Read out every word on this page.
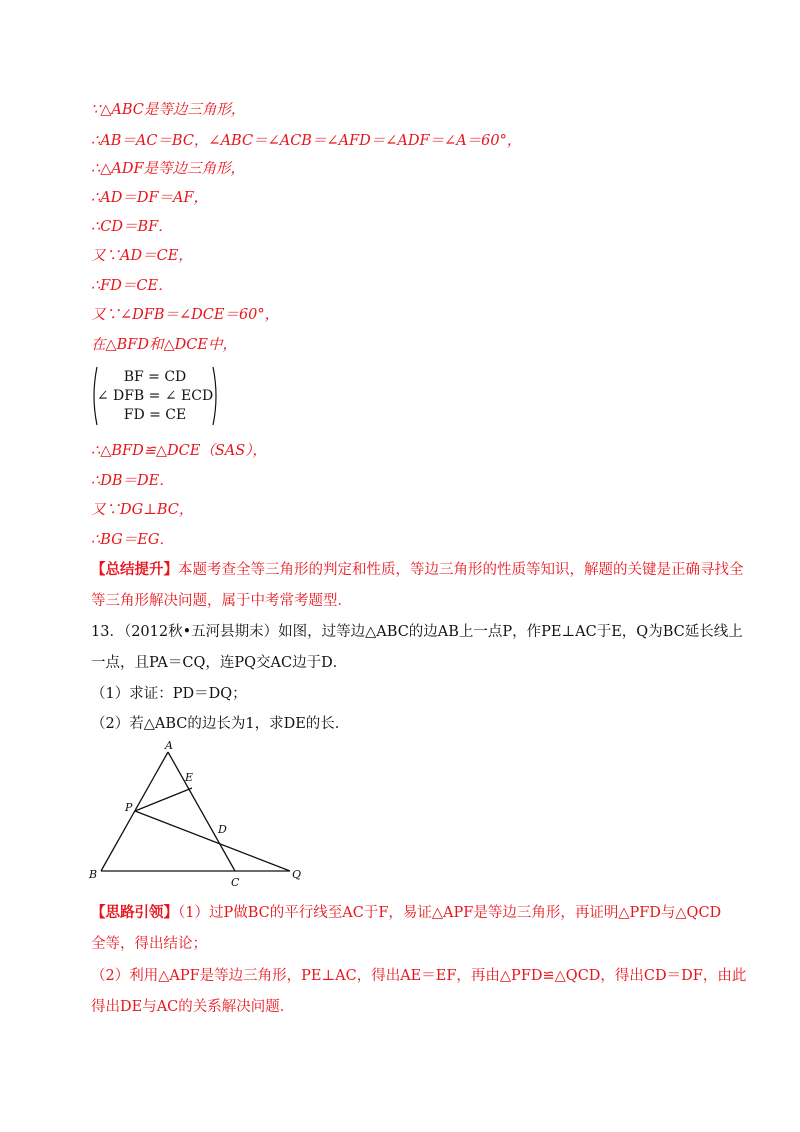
∵△ABC是等边三角形，
∴AB＝AC＝BC，∠ABC＝∠ACB＝∠AFD＝∠ADF＝∠A＝60°，
∴△ADF是等边三角形，
∴AD＝DF＝AF，
∴CD＝BF．
又∵AD＝CE，
∴FD＝CE．
又∵∠DFB＝∠DCE＝60°，
在△BFD和△DCE中，
BF = CD
∠ DFB = ∠ ECD
FD = CE
∴△BFD≌△DCE（SAS），
∴DB＝DE．
又∵DG⊥BC，
∴BG＝EG．
【总结提升】本题考查全等三角形的判定和性质，等边三角形的性质等知识，解题的关键是正确寻找全
等三角形解决问题，属于中考常考题型．
13．（2012秋•五河县期末）如图，过等边△ABC的边AB上一点P，作PE⊥AC于E，Q为BC延长线上
一点，且PA＝CQ，连PQ交AC边于D．
（1）求证：PD＝DQ；
（2）若△ABC的边长为1，求DE的长．
A
E
P
D
B
C
Q
【思路引领】（1）过P做BC的平行线至AC于F，易证△APF是等边三角形，再证明△PFD与△QCD
全等，得出结论；
（2）利用△APF是等边三角形，PE⊥AC，得出AE＝EF，再由△PFD≌△QCD，得出CD＝DF，由此
得出DE与AC的关系解决问题．
